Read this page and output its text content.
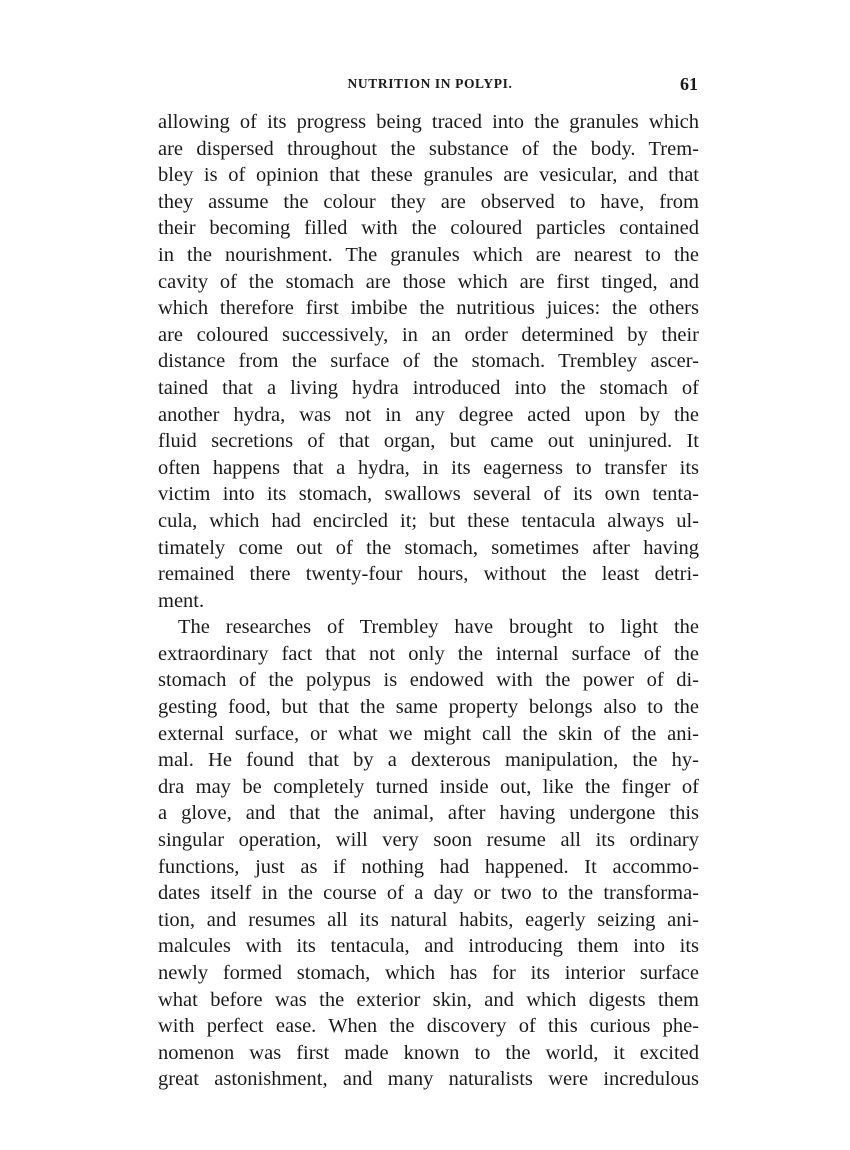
NUTRITION IN POLYPI.	61
allowing of its progress being traced into the granules which
are dispersed throughout the substance of the body. Trem-
bley is of opinion that these granules are vesicular, and that
they assume the colour they are observed to have, from
their becoming filled with the coloured particles contained
in the nourishment. The granules which are nearest to the
cavity of the stomach are those which are first tinged, and
which therefore first imbibe the nutritious juices: the others
are coloured successively, in an order determined by their
distance from the surface of the stomach. Trembley ascer-
tained that a living hydra introduced into the stomach of
another hydra, was not in any degree acted upon by the
fluid secretions of that organ, but came out uninjured. It
often happens that a hydra, in its eagerness to transfer its
victim into its stomach, swallows several of its own tenta-
cula, which had encircled it; but these tentacula always ul-
timately come out of the stomach, sometimes after having
remained there twenty-four hours, without the least detri-
ment.
The researches of Trembley have brought to light the
extraordinary fact that not only the internal surface of the
stomach of the polypus is endowed with the power of di-
gesting food, but that the same property belongs also to the
external surface, or what we might call the skin of the ani-
mal. He found that by a dexterous manipulation, the hy-
dra may be completely turned inside out, like the finger of
a glove, and that the animal, after having undergone this
singular operation, will very soon resume all its ordinary
functions, just as if nothing had happened. It accommo-
dates itself in the course of a day or two to the transforma-
tion, and resumes all its natural habits, eagerly seizing ani-
malcules with its tentacula, and introducing them into its
newly formed stomach, which has for its interior surface
what before was the exterior skin, and which digests them
with perfect ease. When the discovery of this curious phe-
nomenon was first made known to the world, it excited
great astonishment, and many naturalists were incredulous
